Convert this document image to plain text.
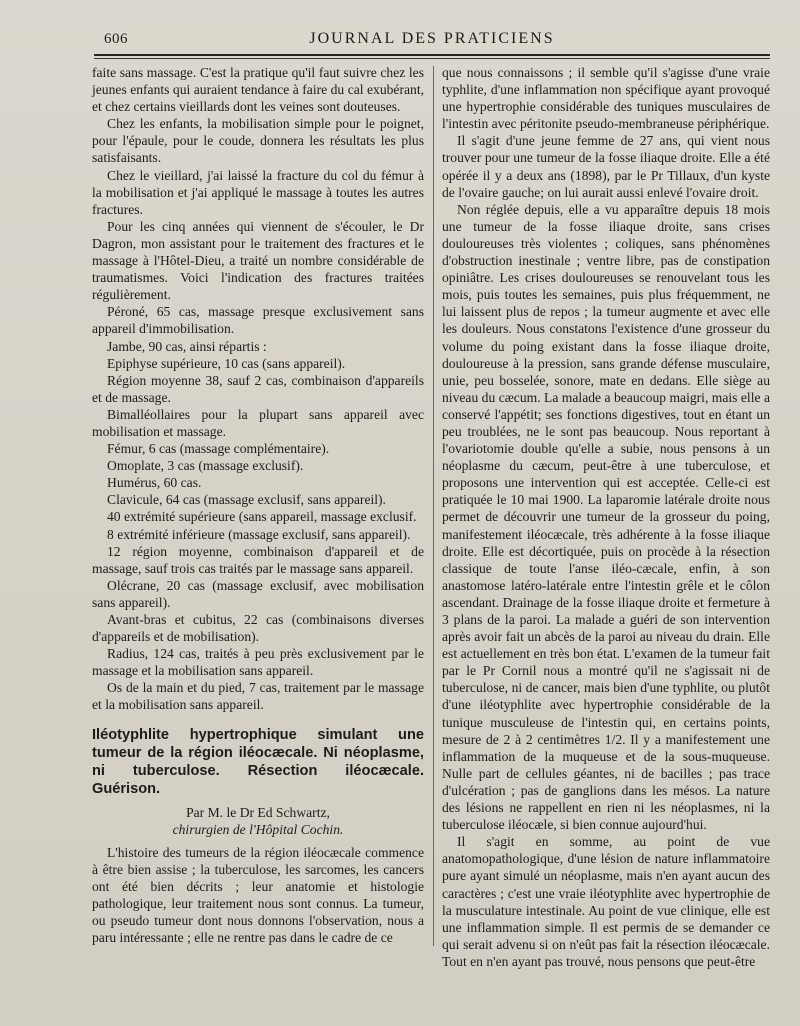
606	JOURNAL DES PRATICIENS

faite sans massage. C'est la pratique qu'il faut suivre chez les jeunes enfants qui auraient tendance à faire du cal exubérant, et chez certains vieillards dont les veines sont douteuses.

Chez les enfants, la mobilisation simple pour le poignet, pour l'épaule, pour le coude, donnera les résultats les plus satisfaisants.

Chez le vieillard, j'ai laissé la fracture du col du fémur à la mobilisation et j'ai appliqué le massage à toutes les autres fractures.

Pour les cinq années qui viennent de s'écouler, le Dr Dagron, mon assistant pour le traitement des fractures et le massage à l'Hôtel-Dieu, a traité un nombre considérable de traumatismes. Voici l'indication des fractures traitées régulièrement.

Péroné, 65 cas, massage presque exclusivement sans appareil d'immobilisation.

Jambe, 90 cas, ainsi répartis :

Epiphyse supérieure, 10 cas (sans appareil).

Région moyenne 38, sauf 2 cas, combinaison d'appareils et de massage.

Bimalléollaires pour la plupart sans appareil avec mobilisation et massage.

Fémur, 6 cas (massage complémentaire).

Omoplate, 3 cas (massage exclusif).

Humérus, 60 cas.

Clavicule, 64 cas (massage exclusif, sans appareil).

40 extrémité supérieure (sans appareil, massage exclusif.

8 extrémité inférieure (massage exclusif, sans appareil).

12 région moyenne, combinaison d'appareil et de massage, sauf trois cas traités par le massage sans appareil.

Olécrane, 20 cas (massage exclusif, avec mobilisation sans appareil).

Avant-bras et cubitus, 22 cas (combinaisons diverses d'appareils et de mobilisation).

Radius, 124 cas, traités à peu près exclusivement par le massage et la mobilisation sans appareil.

Os de la main et du pied, 7 cas, traitement par le massage et la mobilisation sans appareil.

Iléotyphlite hypertrophique simulant une tumeur de la région iléocæcale. Ni néoplasme, ni tuberculose. Résection iléocæcale. Guérison.

Par M. le Dr Ed Schwartz,

chirurgien de l'Hôpital Cochin.

L'histoire des tumeurs de la région iléocæcale commence à être bien assise ; la tuberculose, les sarcomes, les cancers ont été bien décrits ; leur anatomie et histologie pathologique, leur traitement nous sont connus. La tumeur, ou pseudo tumeur dont nous donnons l'observation, nous a paru intéressante ; elle ne rentre pas dans le cadre de ce

que nous connaissons ; il semble qu'il s'agisse d'une vraie typhlite, d'une inflammation non spécifique ayant provoqué une hypertrophie considérable des tuniques musculaires de l'intestin avec péritonite pseudo-membraneuse périphérique.

Il s'agit d'une jeune femme de 27 ans, qui vient nous trouver pour une tumeur de la fosse iliaque droite. Elle a été opérée il y a deux ans (1898), par le Pr Tillaux, d'un kyste de l'ovaire gauche; on lui aurait aussi enlevé l'ovaire droit.

Non réglée depuis, elle a vu apparaître depuis 18 mois une tumeur de la fosse iliaque droite, sans crises douloureuses très violentes ; coliques, sans phénomènes d'obstruction inestinale ; ventre libre, pas de constipation opiniâtre. Les crises douloureuses se renouvelant tous les mois, puis toutes les semaines, puis plus fréquemment, ne lui laissent plus de repos ; la tumeur augmente et avec elle les douleurs. Nous constatons l'existence d'une grosseur du volume du poing existant dans la fosse iliaque droite, douloureuse à la pression, sans grande défense musculaire, unie, peu bosselée, sonore, mate en dedans. Elle siège au niveau du cæcum. La malade a beaucoup maigri, mais elle a conservé l'appétit; ses fonctions digestives, tout en étant un peu troublées, ne le sont pas beaucoup. Nous reportant à l'ovariotomie double qu'elle a subie, nous pensons à un néoplasme du cæcum, peut-être à une tuberculose, et proposons une intervention qui est acceptée. Celle-ci est pratiquée le 10 mai 1900. La laparomie latérale droite nous permet de découvrir une tumeur de la grosseur du poing, manifestement iléocæcale, très adhérente à la fosse iliaque droite. Elle est décortiquée, puis on procède à la résection classique de toute l'anse iléo-cæcale, enfin, à son anastomose latéro-latérale entre l'intestin grêle et le côlon ascendant. Drainage de la fosse iliaque droite et fermeture à 3 plans de la paroi. La malade a guéri de son intervention après avoir fait un abcès de la paroi au niveau du drain. Elle est actuellement en très bon état. L'examen de la tumeur fait par le Pr Cornil nous a montré qu'il ne s'agissait ni de tuberculose, ni de cancer, mais bien d'une typhlite, ou plutôt d'une iléotyphlite avec hypertrophie considérable de la tunique musculeuse de l'intestin qui, en certains points, mesure de 2 à 2 centimètres 1/2. Il y a manifestement une inflammation de la muqueuse et de la sous-muqueuse. Nulle part de cellules géantes, ni de bacilles ; pas trace d'ulcération ; pas de ganglions dans les mésos. La nature des lésions ne rappellent en rien ni les néoplasmes, ni la tuberculose iléocæle, si bien connue aujourd'hui.

Il s'agit en somme, au point de vue anatomopathologique, d'une lésion de nature inflammatoire pure ayant simulé un néoplasme, mais n'en ayant aucun des caractères ; c'est une vraie iléotyphlite avec hypertrophie de la musculature intestinale. Au point de vue clinique, elle est une inflammation simple. Il est permis de se demander ce qui serait advenu si on n'eût pas fait la résection iléocæcale. Tout en n'en ayant pas trouvé, nous pensons que peut-être
